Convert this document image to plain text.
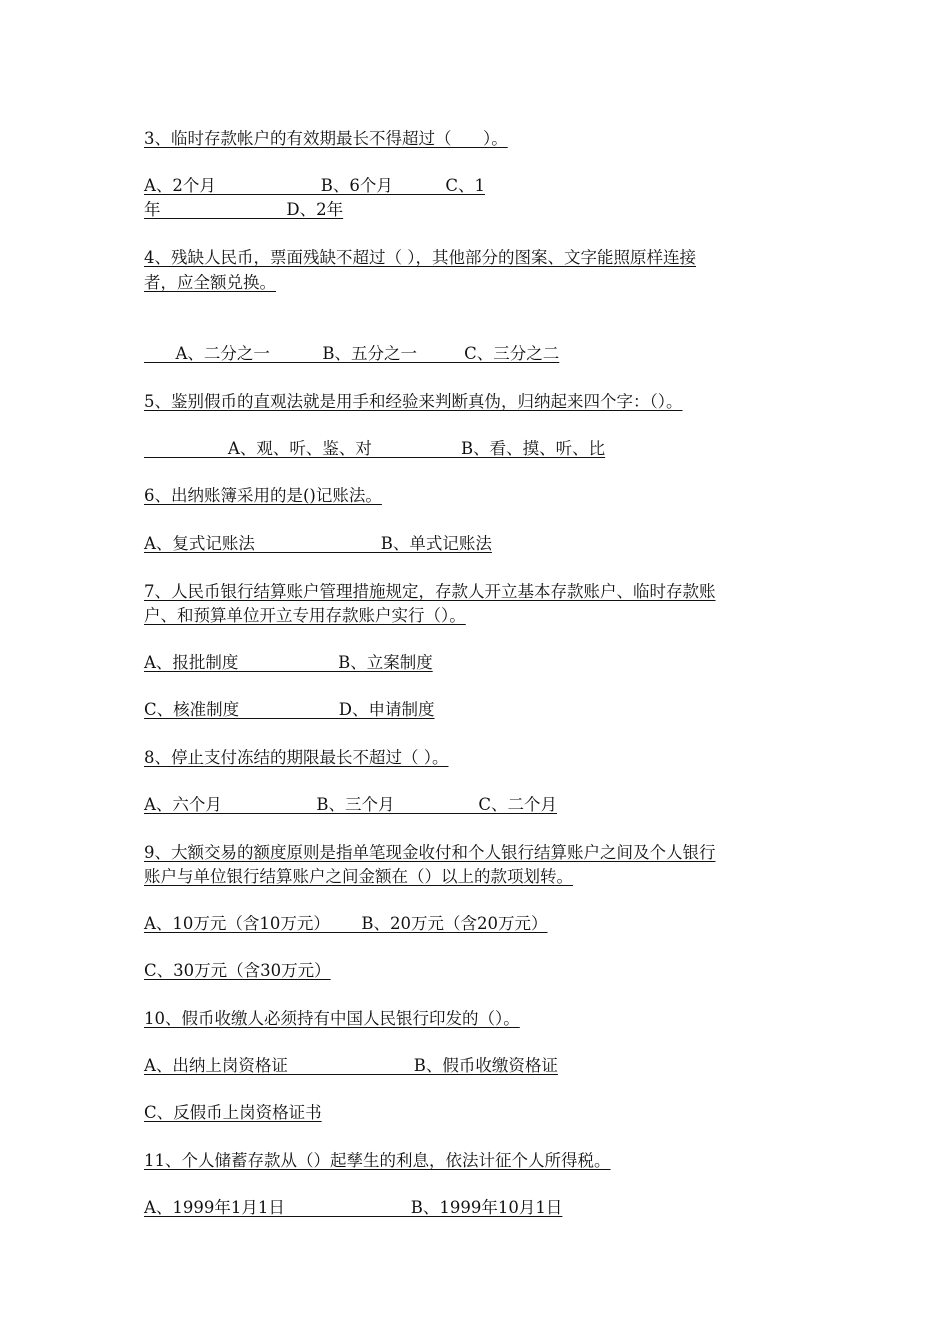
3、临时存款帐户的有效期最长不得超过（      ）。
A、2个月                    B、6个月          C、1
年                        D、2年
4、残缺人民币，票面残缺不超过（ ），其他部分的图案、文字能照原样连接
者，应全额兑换。
A、二分之一          B、五分之一         C、三分之二
5、鉴别假币的直观法就是用手和经验来判断真伪，归纳起来四个字：（）。
A、观、听、鉴、对                 B、看、摸、听、比
6、出纳账簿采用的是()记账法。
A、复式记账法                        B、单式记账法
7、人民币银行结算账户管理措施规定，存款人开立基本存款账户、临时存款账
户、和预算单位开立专用存款账户实行（）。
A、报批制度                   B、立案制度
C、核准制度                   D、申请制度
8、停止支付冻结的期限最长不超过（ ）。
A、六个月                  B、三个月                C、二个月
9、大额交易的额度原则是指单笔现金收付和个人银行结算账户之间及个人银行
账户与单位银行结算账户之间金额在（）以上的款项划转。
A、10万元（含10万元）      B、20万元（含20万元）
C、30万元（含30万元）
10、假币收缴人必须持有中国人民银行印发的（）。
A、出纳上岗资格证                        B、假币收缴资格证
C、反假币上岗资格证书
11、个人储蓄存款从（）起孳生的利息，依法计征个人所得税。
A、1999年1月1日                        B、1999年10月1日
